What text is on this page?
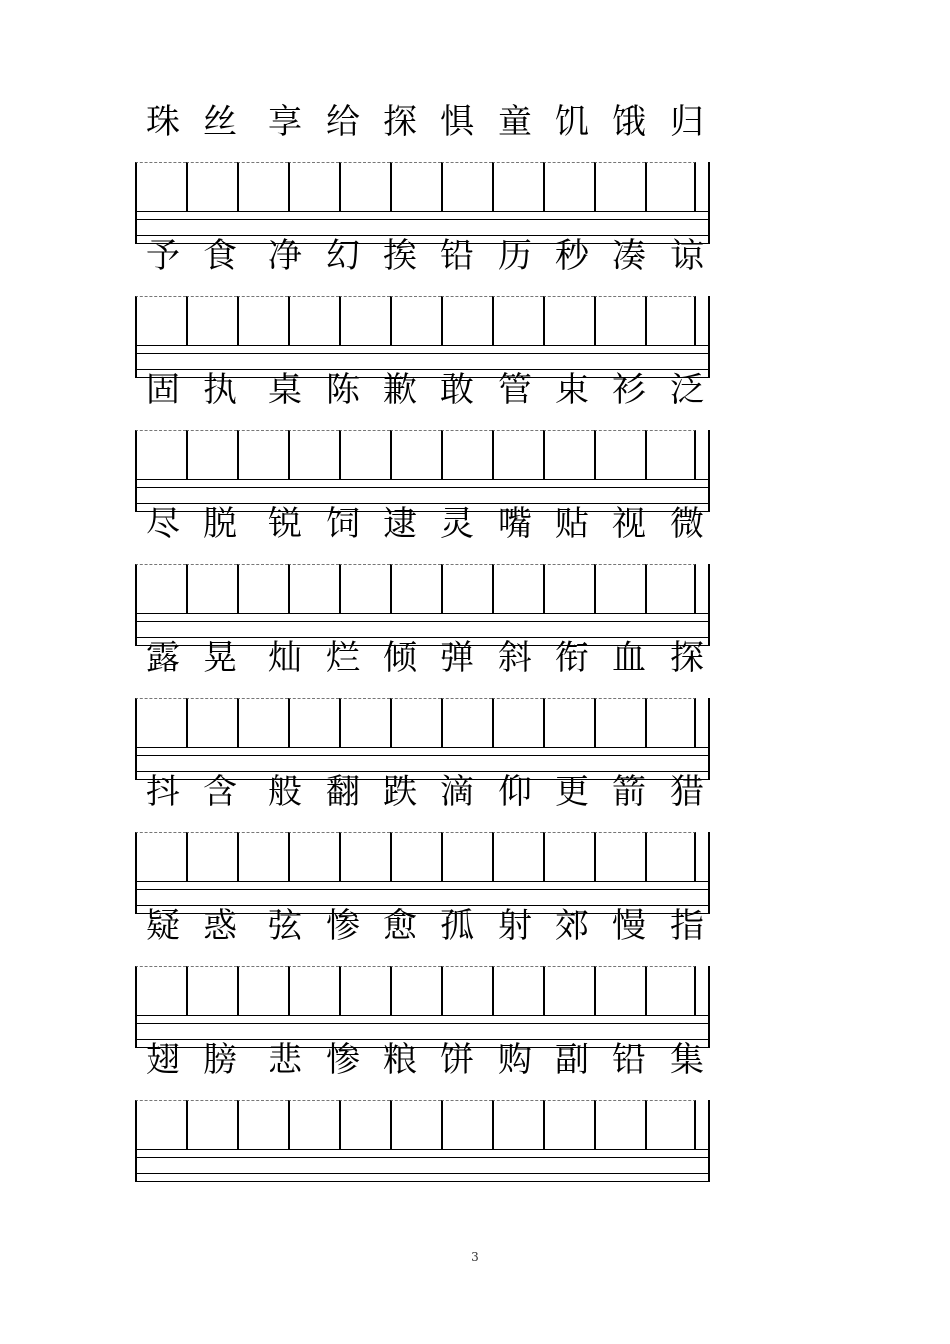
珠 丝 享 给 探 惧 童 饥 饿 归
予 食 净 幻 挨 铅 历 秒 凑 谅
固 执 桌 陈 歉 敢 管 束 衫 泛
尽 脱 锐 饲 逮 灵 嘴 贴 视 微
露 晃 灿 烂 倾 弹 斜 衔 血 探
抖 含 般 翻 跌 滴 仰 更 箭 猎
疑 惑 弦 惨 愈 孤 射 郊 慢 指
翅 膀 悲 惨 粮 饼 购 副 铅 集
3
